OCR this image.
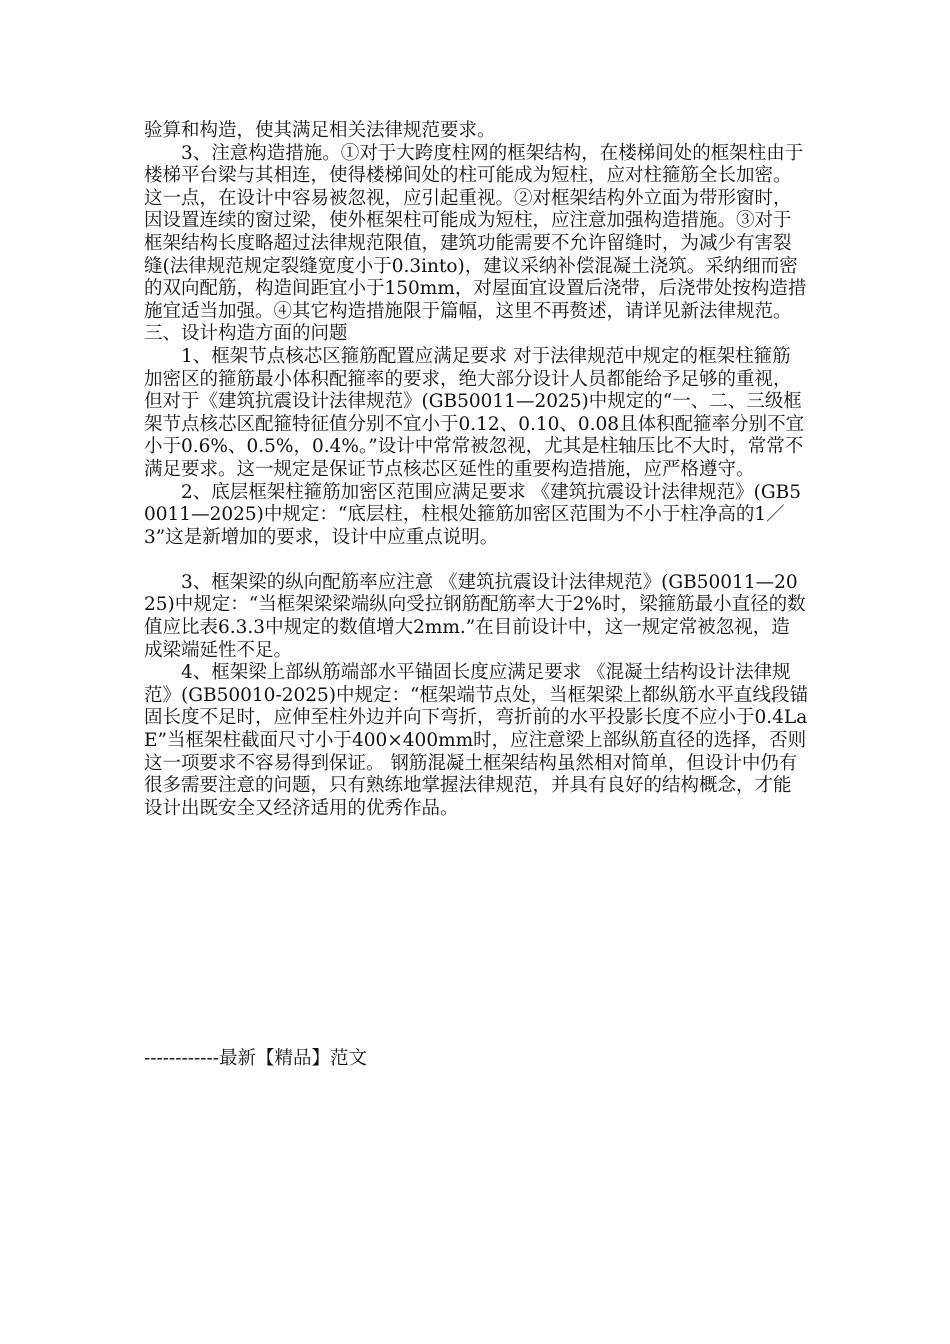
验算和构造，使其满足相关法律规范要求。

3、注意构造措施。①对于大跨度柱网的框架结构，在楼梯间处的框架柱由于楼梯平台梁与其相连，使得楼梯间处的柱可能成为短柱，应对柱箍筋全长加密。这一点，在设计中容易被忽视，应引起重视。②对框架结构外立面为带形窗时，因设置连续的窗过梁，使外框架柱可能成为短柱，应注意加强构造措施。③对于框架结构长度略超过法律规范限值，建筑功能需要不允许留缝时，为减少有害裂缝(法律规范规定裂缝宽度小于0.3into)，建议采纳补偿混凝土浇筑。采纳细而密的双向配筋，构造间距宜小于150mm，对屋面宜设置后浇带，后浇带处按构造措施宜适当加强。④其它构造措施限于篇幅，这里不再赘述，请详见新法律规范。三、设计构造方面的问题

1、框架节点核芯区箍筋配置应满足要求 对于法律规范中规定的框架柱箍筋加密区的箍筋最小体积配箍率的要求，绝大部分设计人员都能给予足够的重视，但对于《建筑抗震设计法律规范》(GB50011—2025)中规定的“一、二、三级框架节点核芯区配箍特征值分别不宜小于0.12、0.10、0.08且体积配箍率分别不宜小于0.6%、0.5%，0.4%。”设计中常常被忽视，尤其是柱轴压比不大时，常常不满足要求。这一规定是保证节点核芯区延性的重要构造措施，应严格遵守。

2、底层框架柱箍筋加密区范围应满足要求 《建筑抗震设计法律规范》(GB50011—2025)中规定：“底层柱，柱根处箍筋加密区范围为不小于柱净高的1／3”这是新增加的要求，设计中应重点说明。

3、框架梁的纵向配筋率应注意 《建筑抗震设计法律规范》(GB50011—2025)中规定：“当框架梁梁端纵向受拉钢筋配筋率大于2%时，梁箍筋最小直径的数值应比表6.3.3中规定的数值增大2mm.”在目前设计中，这一规定常被忽视，造成梁端延性不足。

4、框架梁上部纵筋端部水平锚固长度应满足要求 《混凝土结构设计法律规范》(GB50010-2025)中规定：“框架端节点处，当框架梁上都纵筋水平直线段锚固长度不足时，应伸至柱外边并向下弯折，弯折前的水平投影长度不应小于0.4LaE”当框架柱截面尺寸小于400×400mm时，应注意梁上部纵筋直径的选择，否则这一项要求不容易得到保证。 钢筋混凝土框架结构虽然相对简单，但设计中仍有很多需要注意的问题，只有熟练地掌握法律规范，并具有良好的结构概念，才能设计出既安全又经济适用的优秀作品。

------------最新【精品】范文
